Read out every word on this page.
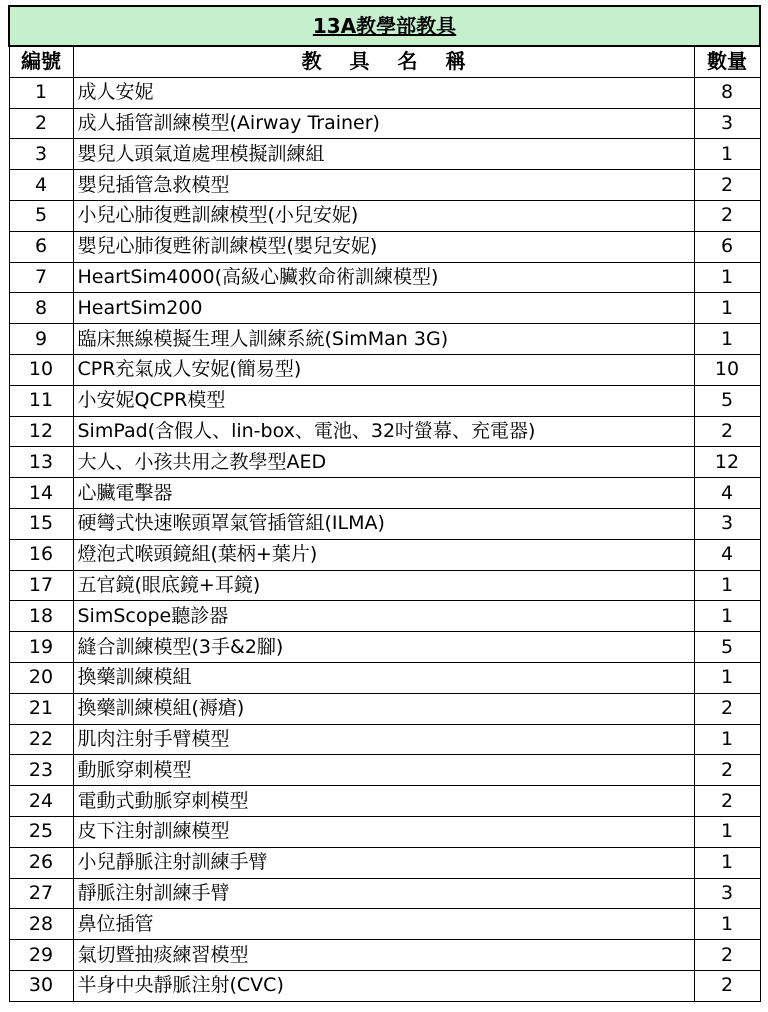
13A教學部教具		
編號	教具名稱	數量
1	成人安妮	8
2	成人插管訓練模型(Airway Trainer)	3
3	嬰兒人頭氣道處理模擬訓練組	1
4	嬰兒插管急救模型	2
5	小兒心肺復甦訓練模型(小兒安妮)	2
6	嬰兒心肺復甦術訓練模型(嬰兒安妮)	6
7	HeartSim4000(高級心臟救命術訓練模型)	1
8	HeartSim200	1
9	臨床無線模擬生理人訓練系統(SimMan 3G)	1
10	CPR充氣成人安妮(簡易型)	10
11	小安妮QCPR模型	5
12	SimPad(含假人、lin-box、電池、32吋螢幕、充電器)	2
13	大人、小孩共用之教學型AED	12
14	心臟電擊器	4
15	硬彎式快速喉頭罩氣管插管組(ILMA)	3
16	燈泡式喉頭鏡組(葉柄+葉片)	4
17	五官鏡(眼底鏡+耳鏡)	1
18	SimScope聽診器	1
19	縫合訓練模型(3手&2腳)	5
20	換藥訓練模組	1
21	換藥訓練模組(褥瘡)	2
22	肌肉注射手臂模型	1
23	動脈穿刺模型	2
24	電動式動脈穿刺模型	2
25	皮下注射訓練模型	1
26	小兒靜脈注射訓練手臂	1
27	靜脈注射訓練手臂	3
28	鼻位插管	1
29	氣切暨抽痰練習模型	2
30	半身中央靜脈注射(CVC)	2
